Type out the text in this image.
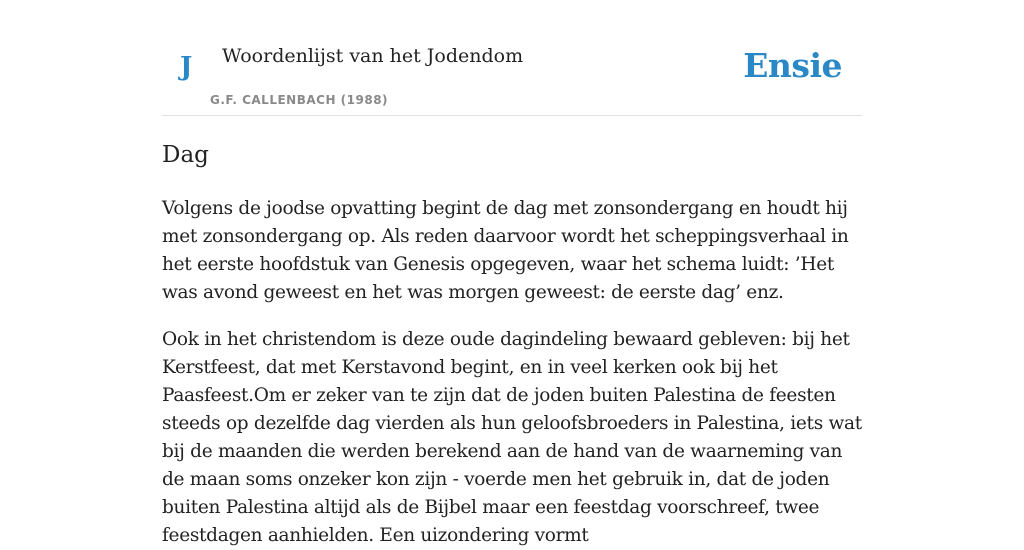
J Woordenlijst van het Jodendom
G.F. CALLENBACH (1988)
Ensie
Dag

Volgens de joodse opvatting begint de dag met zonsondergang en houdt hij met zonsondergang op. Als reden daarvoor wordt het scheppingsverhaal in het eerste hoofdstuk van Genesis opgegeven, waar het schema luidt: ’Het was avond geweest en het was morgen geweest: de eerste dag’ enz.

Ook in het christendom is deze oude dagindeling bewaard gebleven: bij het Kerstfeest, dat met Kerstavond begint, en in veel kerken ook bij het Paasfeest.Om er zeker van te zijn dat de joden buiten Palestina de feesten steeds op dezelfde dag vierden als hun geloofsbroeders in Palestina, iets wat bij de maanden die werden berekend aan de hand van de waarneming van de maan soms onzeker kon zijn - voerde men het gebruik in, dat de joden buiten Palestina altijd als de Bijbel maar een feestdag voorschreef, twee feestdagen aanhielden. Een uizondering vormt
